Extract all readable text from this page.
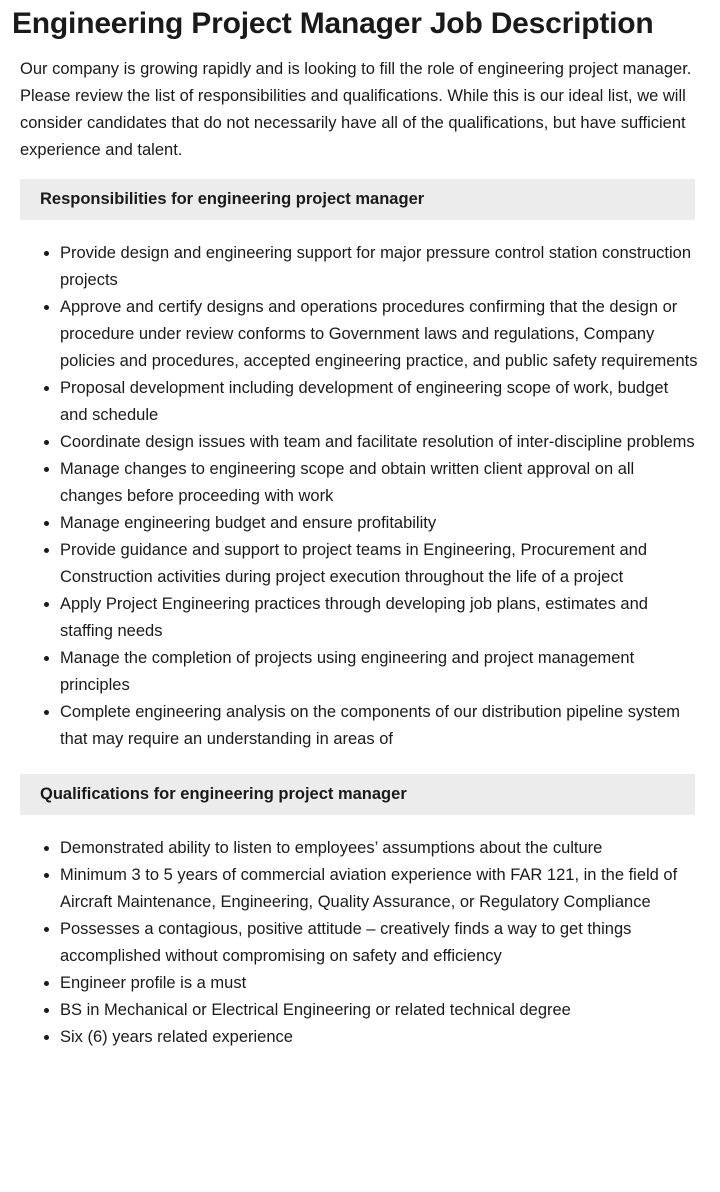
Engineering Project Manager Job Description

Our company is growing rapidly and is looking to fill the role of engineering project manager. Please review the list of responsibilities and qualifications. While this is our ideal list, we will consider candidates that do not necessarily have all of the qualifications, but have sufficient experience and talent.

Responsibilities for engineering project manager
• Provide design and engineering support for major pressure control station construction projects
• Approve and certify designs and operations procedures confirming that the design or procedure under review conforms to Government laws and regulations, Company policies and procedures, accepted engineering practice, and public safety requirements
• Proposal development including development of engineering scope of work, budget and schedule
• Coordinate design issues with team and facilitate resolution of inter-discipline problems
• Manage changes to engineering scope and obtain written client approval on all changes before proceeding with work
• Manage engineering budget and ensure profitability
• Provide guidance and support to project teams in Engineering, Procurement and Construction activities during project execution throughout the life of a project
• Apply Project Engineering practices through developing job plans, estimates and staffing needs
• Manage the completion of projects using engineering and project management principles
• Complete engineering analysis on the components of our distribution pipeline system that may require an understanding in areas of
Qualifications for engineering project manager
• Demonstrated ability to listen to employees’ assumptions about the culture
• Minimum 3 to 5 years of commercial aviation experience with FAR 121, in the field of Aircraft Maintenance, Engineering, Quality Assurance, or Regulatory Compliance
• Possesses a contagious, positive attitude – creatively finds a way to get things accomplished without compromising on safety and efficiency
• Engineer profile is a must
• BS in Mechanical or Electrical Engineering or related technical degree
• Six (6) years related experience
